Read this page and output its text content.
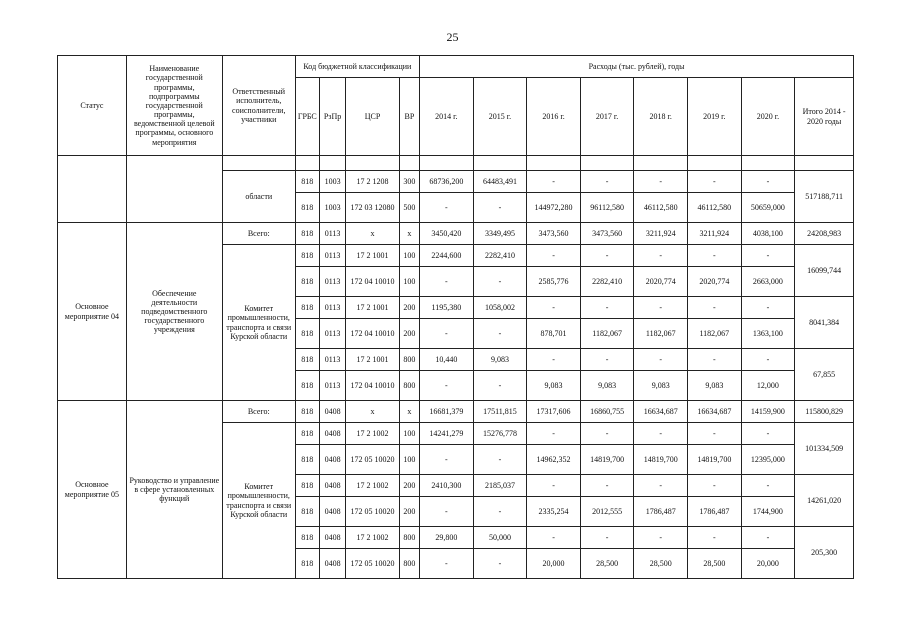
25
Статус	Наименование государственной программы, подпрограммы государственной программы, ведомственной целевой программы, основного мероприятия	Ответственный исполнитель, соисполнители, участники	Код бюджетной классификации				Расходы (тыс. рублей), годы							
			ГРБС	РзПр	ЦСР	ВР	2014 г.	2015 г.	2016 г.	2017 г.	2018 г.	2019 г.	2020 г.	Итого 2014 - 2020 годы

		области	818	1003	17 2 1208	300	68736,200	64483,491	-	-	-	-	-	517188,711
			818	1003	172 03 12080	500	-	-	144972,280	96112,580	46112,580	46112,580	50659,000	
Основное мероприятие 04	Обеспечение деятельности подведомственного государственного учреждения	Всего:	818	0113	х	х	3450,420	3349,495	3473,560	3473,560	3211,924	3211,924	4038,100	24208,983
		Комитет промышленности, транспорта и связи Курской области	818	0113	17 2 1001	100	2244,600	2282,410	-	-	-	-	-	16099,744
			818	0113	172 04 10010	100	-	-	2585,776	2282,410	2020,774	2020,774	2663,000	
			818	0113	17 2 1001	200	1195,380	1058,002	-	-	-	-	-	8041,384
			818	0113	172 04 10010	200	-	-	878,701	1182,067	1182,067	1182,067	1363,100	
			818	0113	17 2 1001	800	10,440	9,083	-	-	-	-	-	67,855
			818	0113	172 04 10010	800	-	-	9,083	9,083	9,083	9,083	12,000	
Основное мероприятие 05	Руководство и управление в сфере установленных функций	Всего:	818	0408	х	х	16681,379	17511,815	17317,606	16860,755	16634,687	16634,687	14159,900	115800,829
		Комитет промышленности, транспорта и связи Курской области	818	0408	17 2 1002	100	14241,279	15276,778	-	-	-	-	-	101334,509
			818	0408	172 05 10020	100	-	-	14962,352	14819,700	14819,700	14819,700	12395,000	
			818	0408	17 2 1002	200	2410,300	2185,037	-	-	-	-	-	14261,020
			818	0408	172 05 10020	200	-	-	2335,254	2012,555	1786,487	1786,487	1744,900	
			818	0408	17 2 1002	800	29,800	50,000	-	-	-	-	-	205,300
			818	0408	172 05 10020	800	-	-	20,000	28,500	28,500	28,500	20,000	
